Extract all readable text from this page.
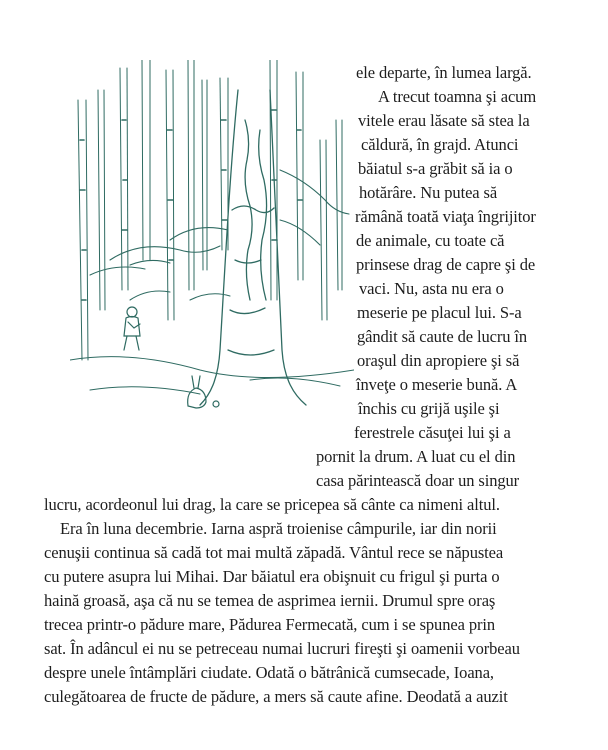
ele departe, în lumea largă.
A trecut toamna şi acum
vitele erau lăsate să stea la
căldură, în grajd. Atunci
băiatul s-a grăbit să ia o
hotărâre. Nu putea să
rămână toată viaţa îngrijitor
de animale, cu toate că
prinsese drag de capre şi de
vaci. Nu, asta nu era o
meserie pe placul lui. S-a
gândit să caute de lucru în
oraşul din apropiere şi să
înveţe o meserie bună. A
închis cu grijă uşile şi
ferestrele căsuţei lui şi a
pornit la drum. A luat cu el din
casa părintească doar un singur
lucru, acordeonul lui drag, la care se pricepea să cânte ca nimeni altul.
Era în luna decembrie. Iarna aspră troienise câmpurile, iar din norii
cenuşii continua să cadă tot mai multă zăpadă. Vântul rece se năpustea
cu putere asupra lui Mihai. Dar băiatul era obişnuit cu frigul şi purta o
haină groasă, aşa că nu se temea de asprimea iernii. Drumul spre oraş
trecea printr-o pădure mare, Pădurea Fermecată, cum i se spunea prin
sat. În adâncul ei nu se petreceau numai lucruri fireşti şi oamenii vorbeau
despre unele întâmplări ciudate. Odată o bătrânică cumsecade, Ioana,
culegătoarea de fructe de pădure, a mers să caute afine. Deodată a auzit
